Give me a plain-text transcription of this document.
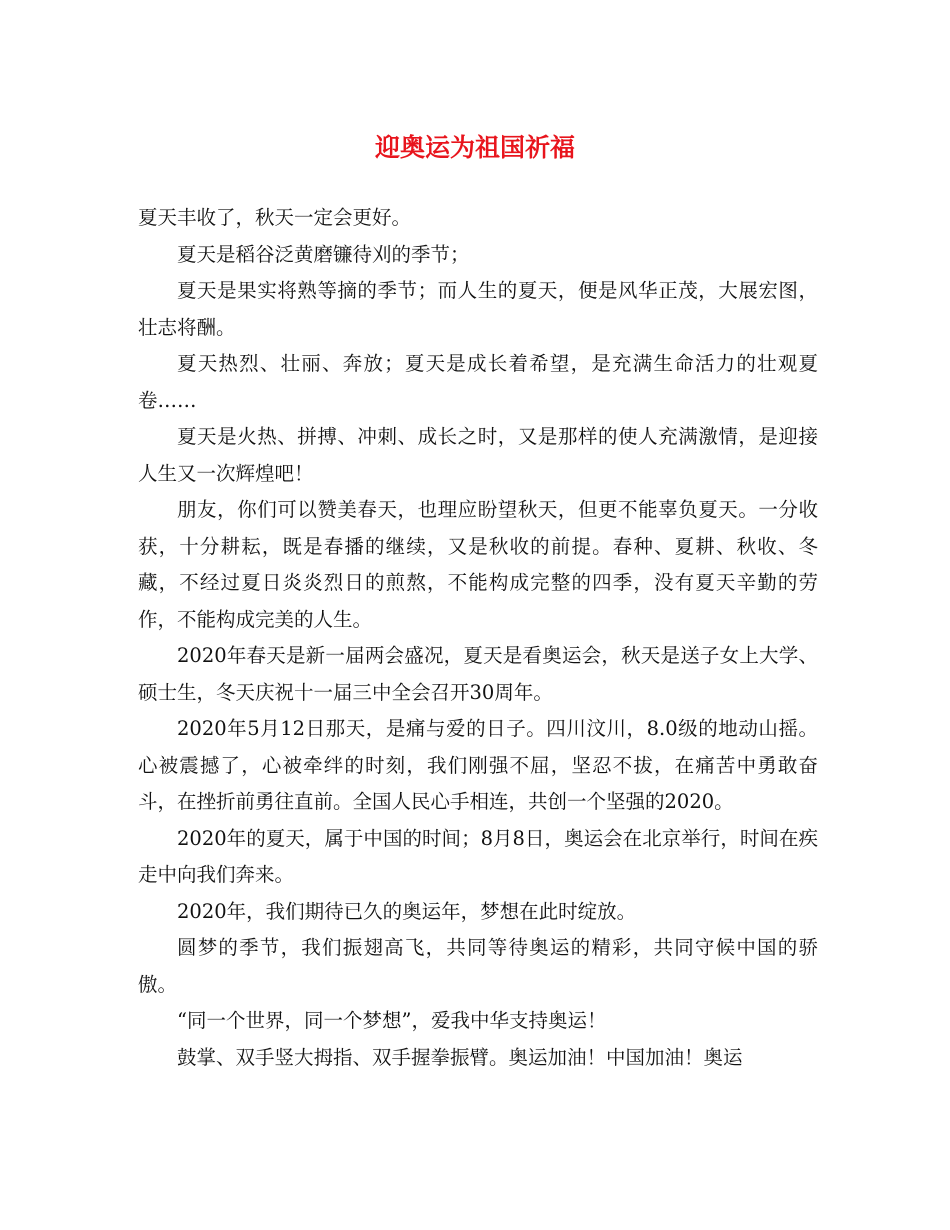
迎奥运为祖国祈福

夏天丰收了，秋天一定会更好。

夏天是稻谷泛黄磨镰待刈的季节；

夏天是果实将熟等摘的季节；而人生的夏天，便是风华正茂，大展宏图，壮志将酬。

夏天热烈、壮丽、奔放；夏天是成长着希望，是充满生命活力的壮观夏卷……

夏天是火热、拼搏、冲刺、成长之时，又是那样的使人充满激情，是迎接人生又一次辉煌吧！

朋友，你们可以赞美春天，也理应盼望秋天，但更不能辜负夏天。一分收获，十分耕耘，既是春播的继续，又是秋收的前提。春种、夏耕、秋收、冬藏，不经过夏日炎炎烈日的煎熬，不能构成完整的四季，没有夏天辛勤的劳作，不能构成完美的人生。

2020年春天是新一届两会盛况，夏天是看奥运会，秋天是送子女上大学、硕士生，冬天庆祝十一届三中全会召开30周年。

2020年5月12日那天，是痛与爱的日子。四川汶川，8.0级的地动山摇。心被震撼了，心被牵绊的时刻，我们刚强不屈，坚忍不拔，在痛苦中勇敢奋斗，在挫折前勇往直前。全国人民心手相连，共创一个坚强的2020。

2020年的夏天，属于中国的时间；8月8日，奥运会在北京举行，时间在疾走中向我们奔来。

2020年，我们期待已久的奥运年，梦想在此时绽放。

圆梦的季节，我们振翅高飞，共同等待奥运的精彩，共同守候中国的骄傲。

“同一个世界，同一个梦想”，爱我中华支持奥运！

鼓掌、双手竖大拇指、双手握拳振臂。奥运加油！中国加油！奥运
